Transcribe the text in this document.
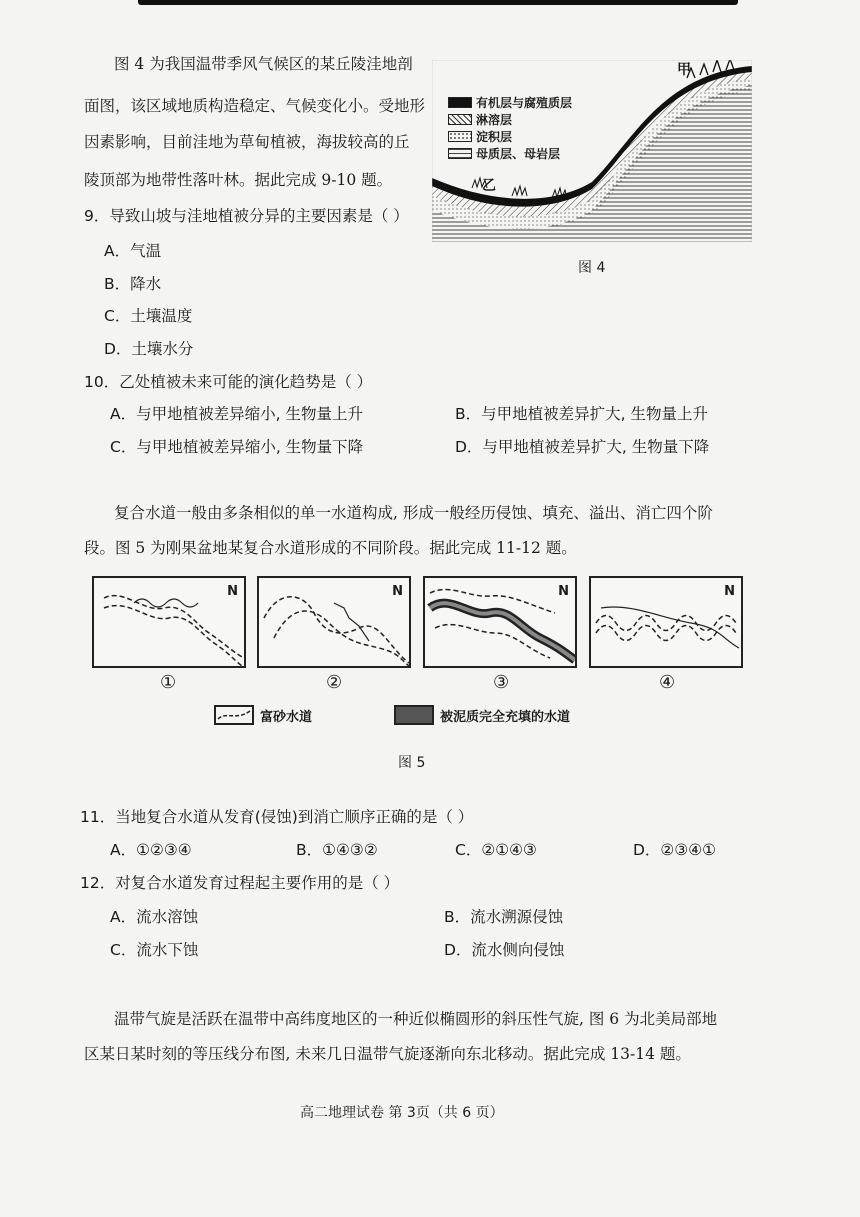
图 4 为我国温带季风气候区的某丘陵洼地剖
面图，该区域地质构造稳定、气候变化小。受地形
因素影响，目前洼地为草甸植被，海拔较高的丘
陵顶部为地带性落叶林。据此完成 9-10 题。
甲
乙
有机层与腐殖质层
淋溶层
淀积层
母质层、母岩层
图 4
9．导致山坡与洼地植被分异的主要因素是（ ）
A．气温
B．降水
C．土壤温度
D．土壤水分
10．乙处植被未来可能的演化趋势是（ ）
A．与甲地植被差异缩小, 生物量上升	B．与甲地植被差异扩大, 生物量上升
C．与甲地植被差异缩小, 生物量下降	D．与甲地植被差异扩大, 生物量下降
复合水道一般由多条相似的单一水道构成, 形成一般经历侵蚀、填充、溢出、消亡四个阶
段。图 5 为刚果盆地某复合水道形成的不同阶段。据此完成 11-12 题。
N	N	N	N
①	②	③	④
富砂水道	被泥质完全充填的水道
图 5
11．当地复合水道从发育(侵蚀)到消亡顺序正确的是（ ）
A．①②③④	B．①④③②	C．②①④③	D．②③④①
12．对复合水道发育过程起主要作用的是（ ）
A．流水溶蚀	B．流水溯源侵蚀
C．流水下蚀	D．流水侧向侵蚀
温带气旋是活跃在温带中高纬度地区的一种近似椭圆形的斜压性气旋, 图 6 为北美局部地
区某日某时刻的等压线分布图, 未来几日温带气旋逐渐向东北移动。据此完成 13-14 题。
高二地理试卷 第 3页（共 6 页）
